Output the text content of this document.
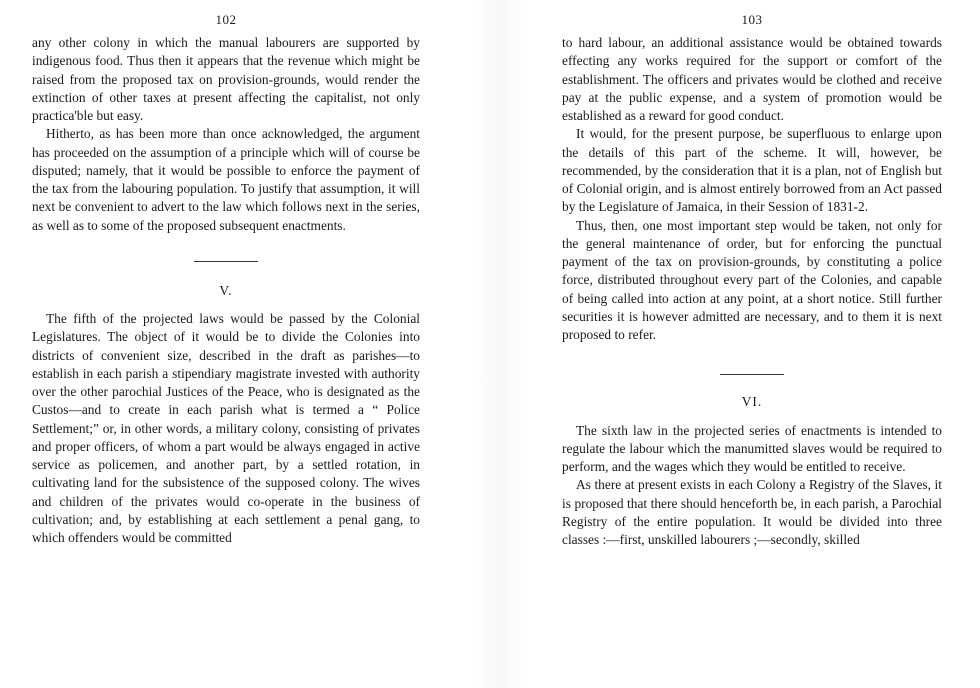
102

any other colony in which the manual labourers are supported by indigenous food. Thus then it appears that the revenue which might be raised from the proposed tax on provision-grounds, would render the extinction of other taxes at present affecting the capitalist, not only practica'ble but easy.

Hitherto, as has been more than once acknowledged, the argument has proceeded on the assumption of a principle which will of course be disputed; namely, that it would be possible to enforce the payment of the tax from the labouring population. To justify that assumption, it will next be convenient to advert to the law which follows next in the series, as well as to some of the proposed subsequent enactments.

V.

The fifth of the projected laws would be passed by the Colonial Legislatures. The object of it would be to divide the Colonies into districts of convenient size, described in the draft as parishes—to establish in each parish a stipendiary magistrate invested with authority over the other parochial Justices of the Peace, who is designated as the Custos—and to create in each parish what is termed a “ Police Settlement;” or, in other words, a military colony, consisting of privates and proper officers, of whom a part would be always engaged in active service as policemen, and another part, by a settled rotation, in cultivating land for the subsistence of the supposed colony. The wives and children of the privates would co-operate in the business of cultivation; and, by establishing at each settlement a penal gang, to which offenders would be committed

103

to hard labour, an additional assistance would be obtained towards effecting any works required for the support or comfort of the establishment. The officers and privates would be clothed and receive pay at the public expense, and a system of promotion would be established as a reward for good conduct.

It would, for the present purpose, be superfluous to enlarge upon the details of this part of the scheme. It will, however, be recommended, by the consideration that it is a plan, not of English but of Colonial origin, and is almost entirely borrowed from an Act passed by the Legislature of Jamaica, in their Session of 1831-2.

Thus, then, one most important step would be taken, not only for the general maintenance of order, but for enforcing the punctual payment of the tax on provision-grounds, by constituting a police force, distributed throughout every part of the Colonies, and capable of being called into action at any point, at a short notice. Still further securities it is however admitted are necessary, and to them it is next proposed to refer.

VI.

The sixth law in the projected series of enactments is intended to regulate the labour which the manumitted slaves would be required to perform, and the wages which they would be entitled to receive.

As there at present exists in each Colony a Registry of the Slaves, it is proposed that there should henceforth be, in each parish, a Parochial Registry of the entire population. It would be divided into three classes :—first, unskilled labourers ;—secondly, skilled
